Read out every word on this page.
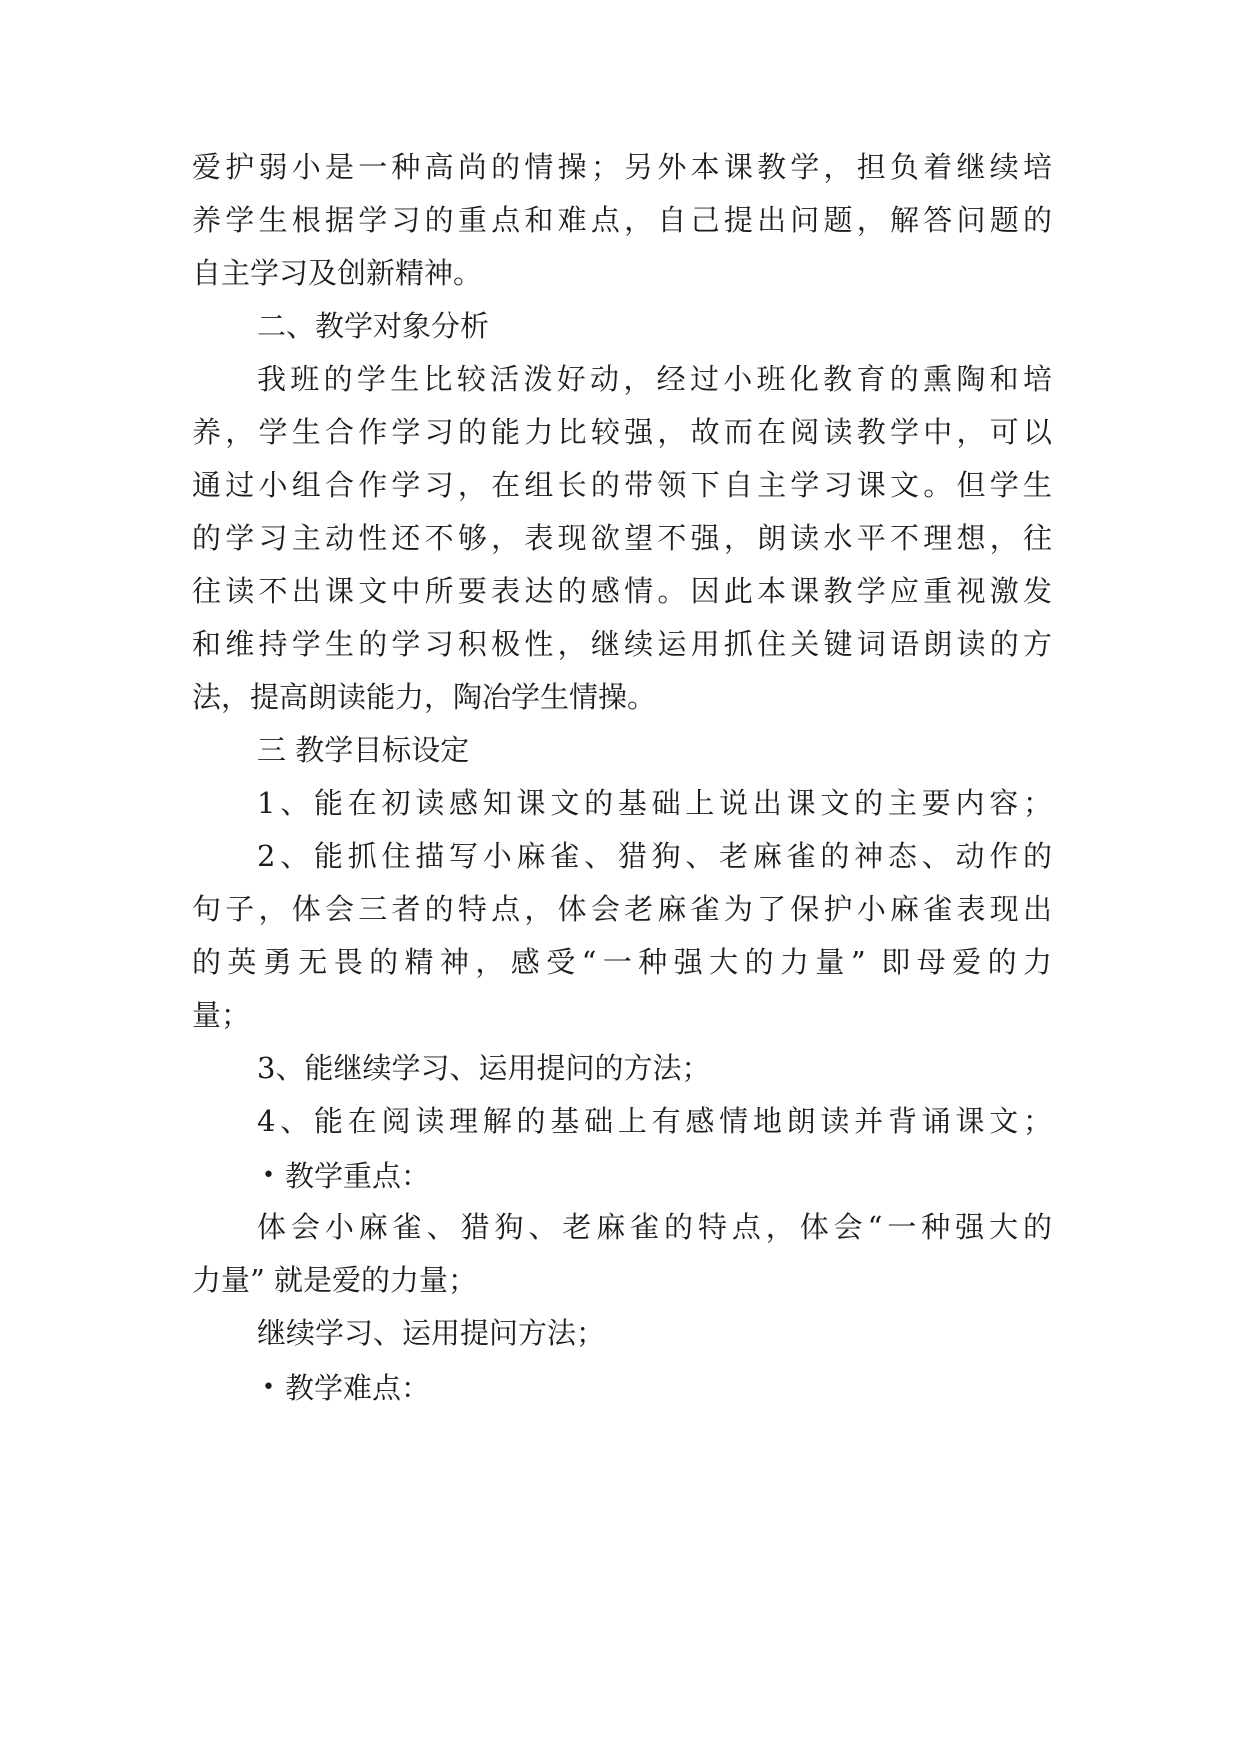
爱护弱小是一种高尚的情操；另外本课教学，担负着继续培
养学生根据学习的重点和难点，自己提出问题，解答问题的
自主学习及创新精神。
二、教学对象分析
我班的学生比较活泼好动，经过小班化教育的熏陶和培
养，学生合作学习的能力比较强，故而在阅读教学中，可以
通过小组合作学习，在组长的带领下自主学习课文。但学生
的学习主动性还不够，表现欲望不强，朗读水平不理想，往
往读不出课文中所要表达的感情。因此本课教学应重视激发
和维持学生的学习积极性，继续运用抓住关键词语朗读的方
法，提高朗读能力，陶冶学生情操。
三 教学目标设定
1、能在初读感知课文的基础上说出课文的主要内容；
2、能抓住描写小麻雀、猎狗、老麻雀的神态、动作的
句子，体会三者的特点，体会老麻雀为了保护小麻雀表现出
的英勇无畏的精神，感受“一种强大的力量” 即母爱的力
量；
3、能继续学习、运用提问的方法；
4、能在阅读理解的基础上有感情地朗读并背诵课文；
• 教学重点：
体会小麻雀、猎狗、老麻雀的特点，体会“一种强大的
力量” 就是爱的力量；
继续学习、运用提问方法；
• 教学难点：
